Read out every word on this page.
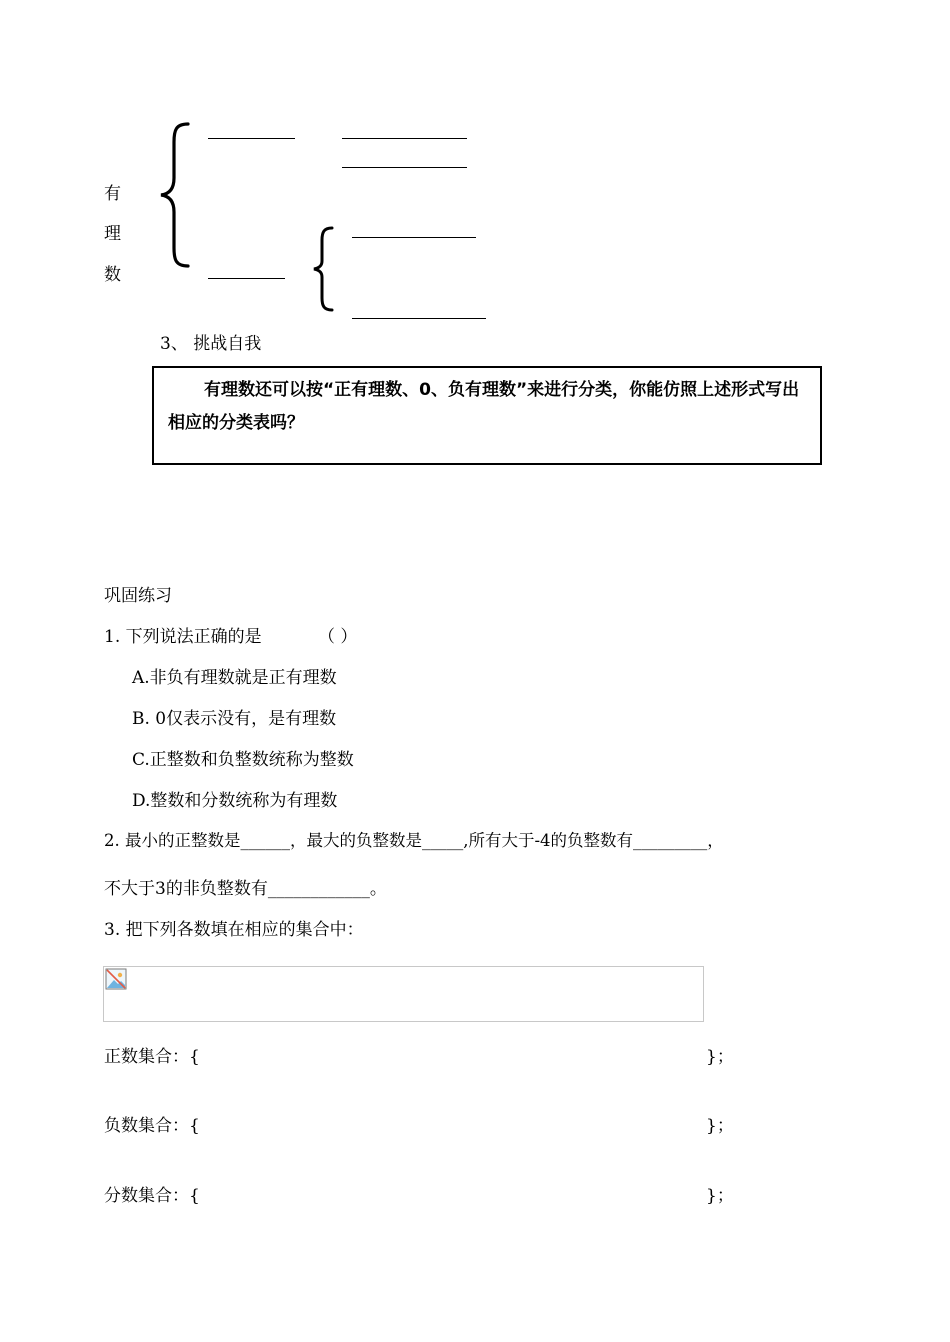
有
理
数
3、 挑战自我
有理数还可以按“正有理数、0、负有理数”来进行分类，你能仿照上述形式写出相应的分类表吗？
巩固练习
1. 下列说法正确的是	（ ）
A.非负有理数就是正有理数
B. 0仅表示没有，是有理数
C.正整数和负整数统称为整数
D.整数和分数统称为有理数
2. 最小的正整数是______，最大的负整数是_____,所有大于-4的负整数有_________，
不大于3的非负整数有____________。
3. 把下列各数填在相应的集合中：
正数集合：{	}；
负数集合：{	}；
分数集合：{	}；
